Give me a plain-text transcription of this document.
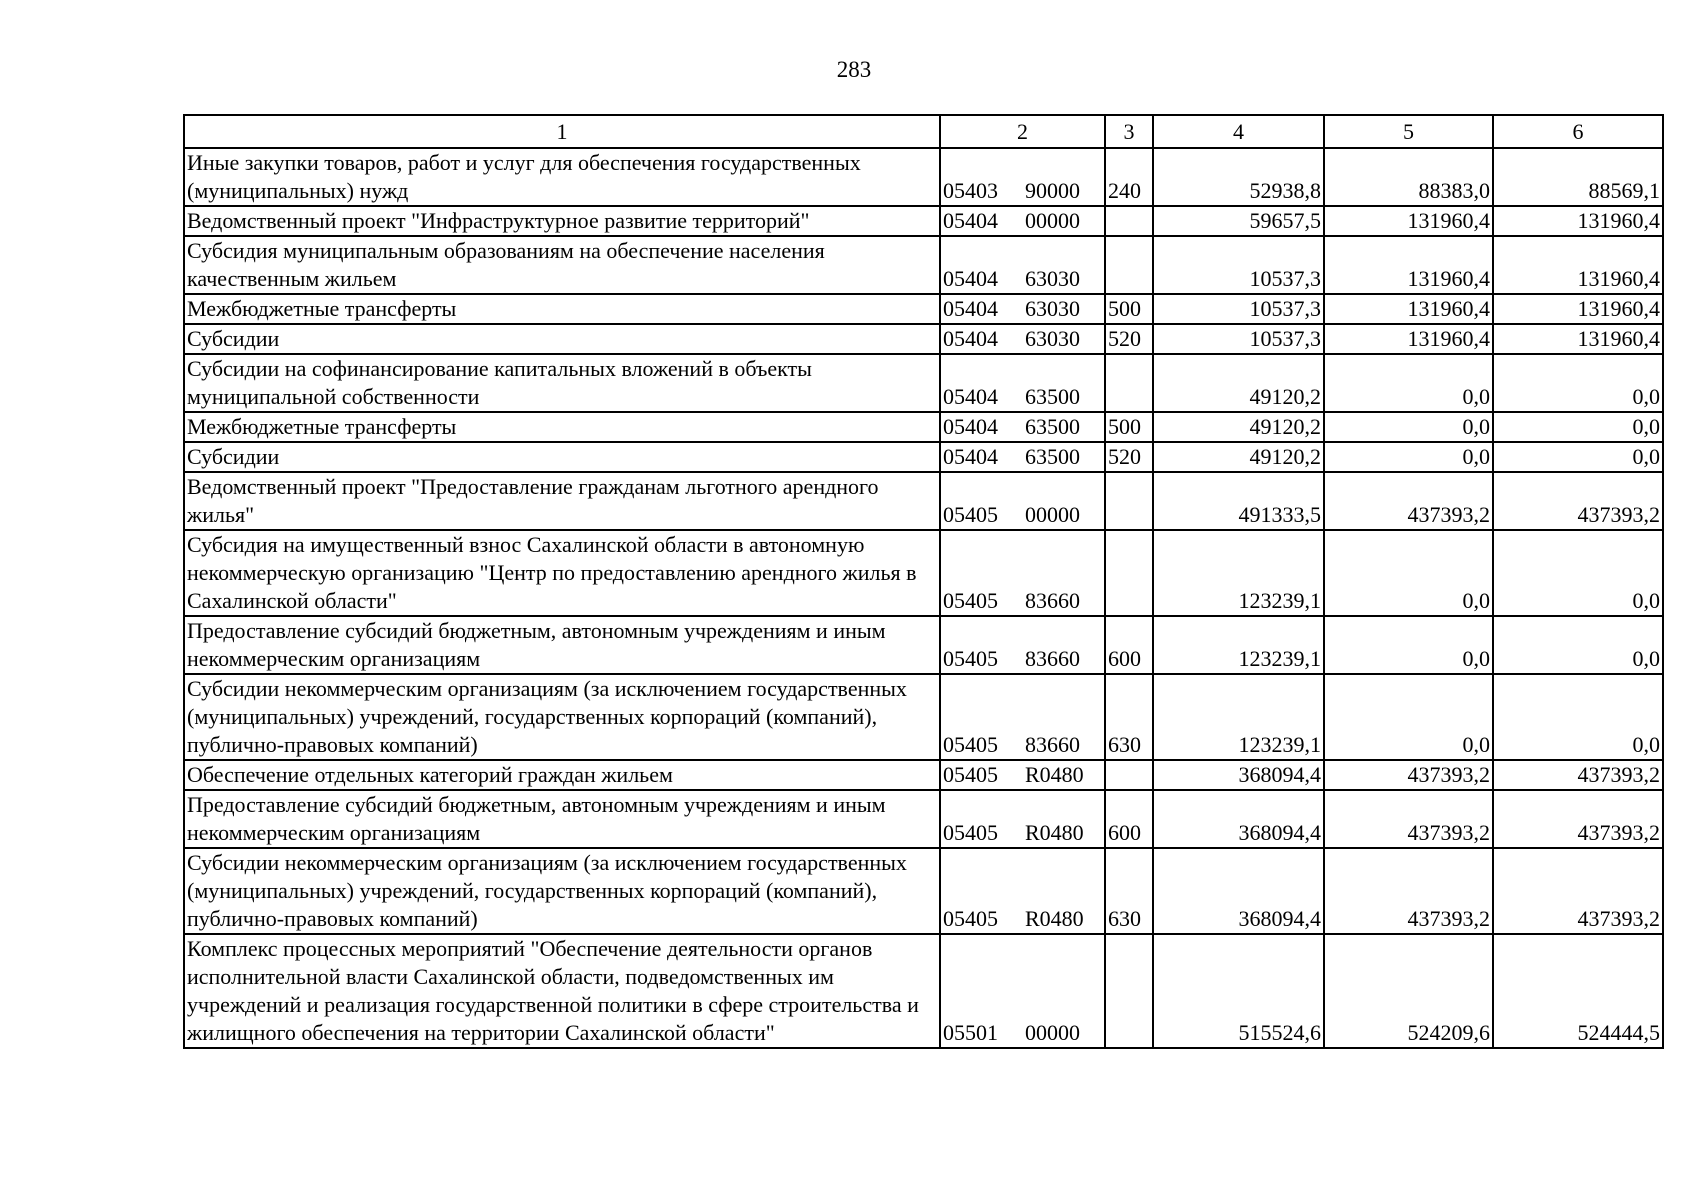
283
1	2	3	4	5	6
Иные закупки товаров, работ и услуг для обеспечения государственных (муниципальных) нужд	05403 90000	240	52938,8	88383,0	88569,1
Ведомственный проект "Инфраструктурное развитие территорий"	05404 00000		59657,5	131960,4	131960,4
Субсидия муниципальным образованиям на обеспечение населения качественным жильем	05404 63030		10537,3	131960,4	131960,4
Межбюджетные трансферты	05404 63030	500	10537,3	131960,4	131960,4
Субсидии	05404 63030	520	10537,3	131960,4	131960,4
Субсидии на софинансирование капитальных вложений в объекты муниципальной собственности	05404 63500		49120,2	0,0	0,0
Межбюджетные трансферты	05404 63500	500	49120,2	0,0	0,0
Субсидии	05404 63500	520	49120,2	0,0	0,0
Ведомственный проект "Предоставление гражданам льготного арендного жилья"	05405 00000		491333,5	437393,2	437393,2
Субсидия на имущественный взнос Сахалинской области в автономную некоммерческую организацию "Центр по предоставлению арендного жилья в Сахалинской области"	05405 83660		123239,1	0,0	0,0
Предоставление субсидий бюджетным, автономным учреждениям и иным некоммерческим организациям	05405 83660	600	123239,1	0,0	0,0
Субсидии некоммерческим организациям (за исключением государственных (муниципальных) учреждений, государственных корпораций (компаний), публично-правовых компаний)	05405 83660	630	123239,1	0,0	0,0
Обеспечение отдельных категорий граждан жильем	05405 R0480		368094,4	437393,2	437393,2
Предоставление субсидий бюджетным, автономным учреждениям и иным некоммерческим организациям	05405 R0480	600	368094,4	437393,2	437393,2
Субсидии некоммерческим организациям (за исключением государственных (муниципальных) учреждений, государственных корпораций (компаний), публично-правовых компаний)	05405 R0480	630	368094,4	437393,2	437393,2
Комплекс процессных мероприятий "Обеспечение деятельности органов исполнительной власти Сахалинской области, подведомственных им учреждений и реализация государственной политики в сфере строительства и жилищного обеспечения на территории Сахалинской области"	05501 00000		515524,6	524209,6	524444,5
